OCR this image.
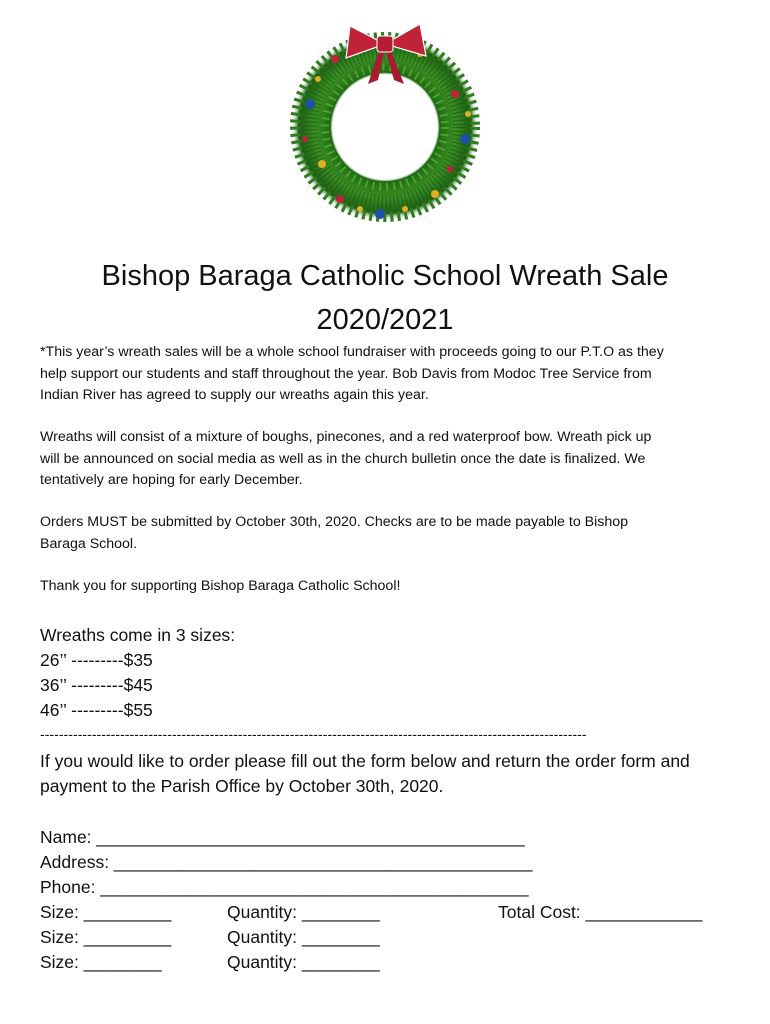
Bishop Baraga Catholic School Wreath Sale
2020/2021
*This year’s wreath sales will be a whole school fundraiser with proceeds going to our P.T.O as they
help support our students and staff throughout the year. Bob Davis from Modoc Tree Service from
Indian River has agreed to supply our wreaths again this year.
Wreaths will consist of a mixture of boughs, pinecones, and a red waterproof bow. Wreath pick up
will be announced on social media as well as in the church bulletin once the date is finalized. We
tentatively are hoping for early December.
Orders MUST be submitted by October 30th, 2020. Checks are to be made payable to Bishop
Baraga School.
Thank you for supporting Bishop Baraga Catholic School!
Wreaths come in 3 sizes:
26’’ ---------$35
36’’ ---------$45
46’’ ---------$55
--------------------------------------------------------------------------------------------------------------------
If you would like to order please fill out the form below and return the order form and
payment to the Parish Office by October 30th, 2020.
Name: ____________________________________________
Address: ___________________________________________
Phone: ____________________________________________
Size: _________	Quantity: ________	Total Cost: ____________
Size: _________	Quantity: ________
Size: ________	Quantity: ________
